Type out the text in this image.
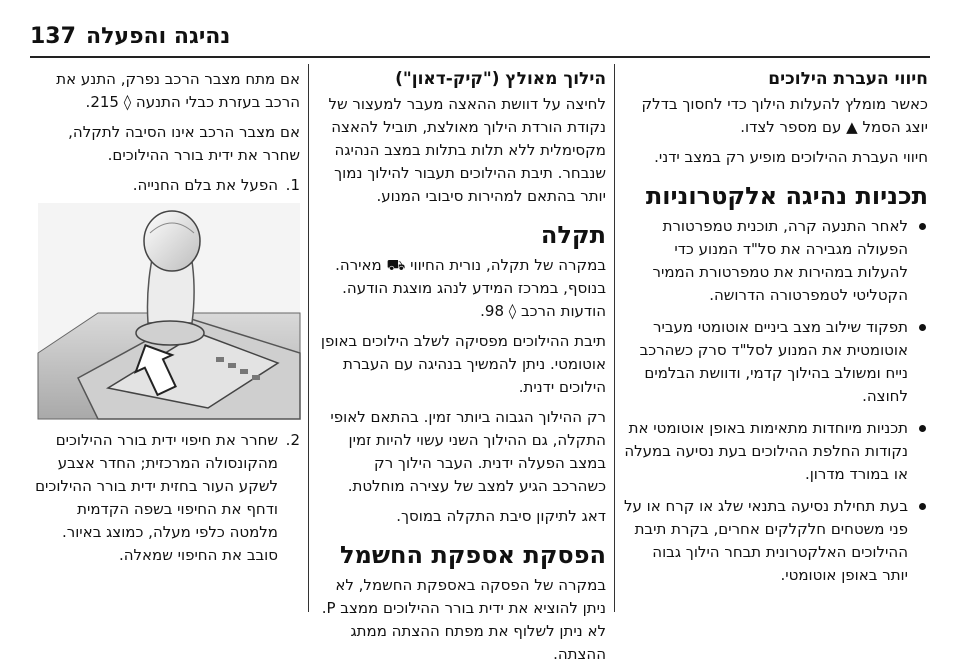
137 נהיגה והפעלה
חיווי העברת הילוכים

כאשר מומלץ להעלות הילוך כדי לחסוך בדלק יוצג הסמל ▲ עם מספר לצדו.

חיווי העברת ההילוכים מופיע רק במצב ידני.

תכניות נהיגה אלקטרוניות
לאחר התנעה קרה, תוכנית טמפרטורת הפעולה מגבירה את סל"ד המנוע כדי להעלות במהירות את טמפרטורת הממיר הקטליטי לטמפרטורה הדרושה.
תפקוד שילוב מצב ביניים אוטומטי מעביר אוטומטית את המנוע לסל"ד סרק כשהרכב נייח ומשולב בהילוך קדמי, ודוושת הבלמים לחוצה.
תכניות מיוחדות מתאימות באופן אוטומטי את נקודות החלפת ההילוכים בעת נסיעה במעלה או במורד מדרון.
בעת תחילת נסיעה בתנאי שלג או קרח או על פני משטחים חלקלקים אחרים, בקרת תיבת ההילוכים האלקטרונית תבחר הילוך גבוה יותר באופן אוטומטי.
הילוך מאולץ ("קיק-דאון")

לחיצה על דוושת ההאצה מעבר למעצור של נקודת הורדת הילוך מאולצת, תוביל להאצה מקסימלית ללא תלות בתלות במצב הנהיגה שנבחר. תיבת ההילוכים תעבור להילוך נמוך יותר בהתאם למהירות סיבובי המנוע.

תקלה

במקרה של תקלה, נורית החיווי ⛟ מאירה. בנוסף, במרכז המידע לנהג מוצגת הודעה. הודעות הרכב ◊ 98.

תיבת ההילוכים מפסיקה לשלב הילוכים באופן אוטומטי. ניתן להמשיך בנהיגה עם העברת הילוכים ידנית.

רק ההילוך הגבוה ביותר זמין. בהתאם לאופי התקלה, גם ההילוך השני עשוי להיות זמין במצב הפעלה ידנית. העבר הילוך רק כשהרכב הגיע למצב של עצירה מוחלטת.

דאג לתיקון סיבת התקלה במוסך.

הפסקת אספקת החשמל

במקרה של הפסקה באספקת החשמל, לא ניתן להוציא את ידית בורר ההילוכים ממצב P. לא ניתן לשלוף את מפתח ההצתה ממתג ההצתה.

אם מתח מצבר הרכב נפרק, התנע את הרכב בעזרת כבלי התנעה ◊ 215.

אם מצבר הרכב אינו הסיבה לתקלה, שחרר את ידית בורר ההילוכים.

1.
הפעל את בלם החנייה.
2.
שחרר את חיפוי ידית בורר ההילוכים מהקונסולה המרכזית; החדר אצבע לשקע העור בחזית ידית בורר ההילוכים ודחף את החיפוי בשפה הקדמית מלמטה כלפי מעלה, כמוצג באיור. סובב את החיפוי שמאלה.
